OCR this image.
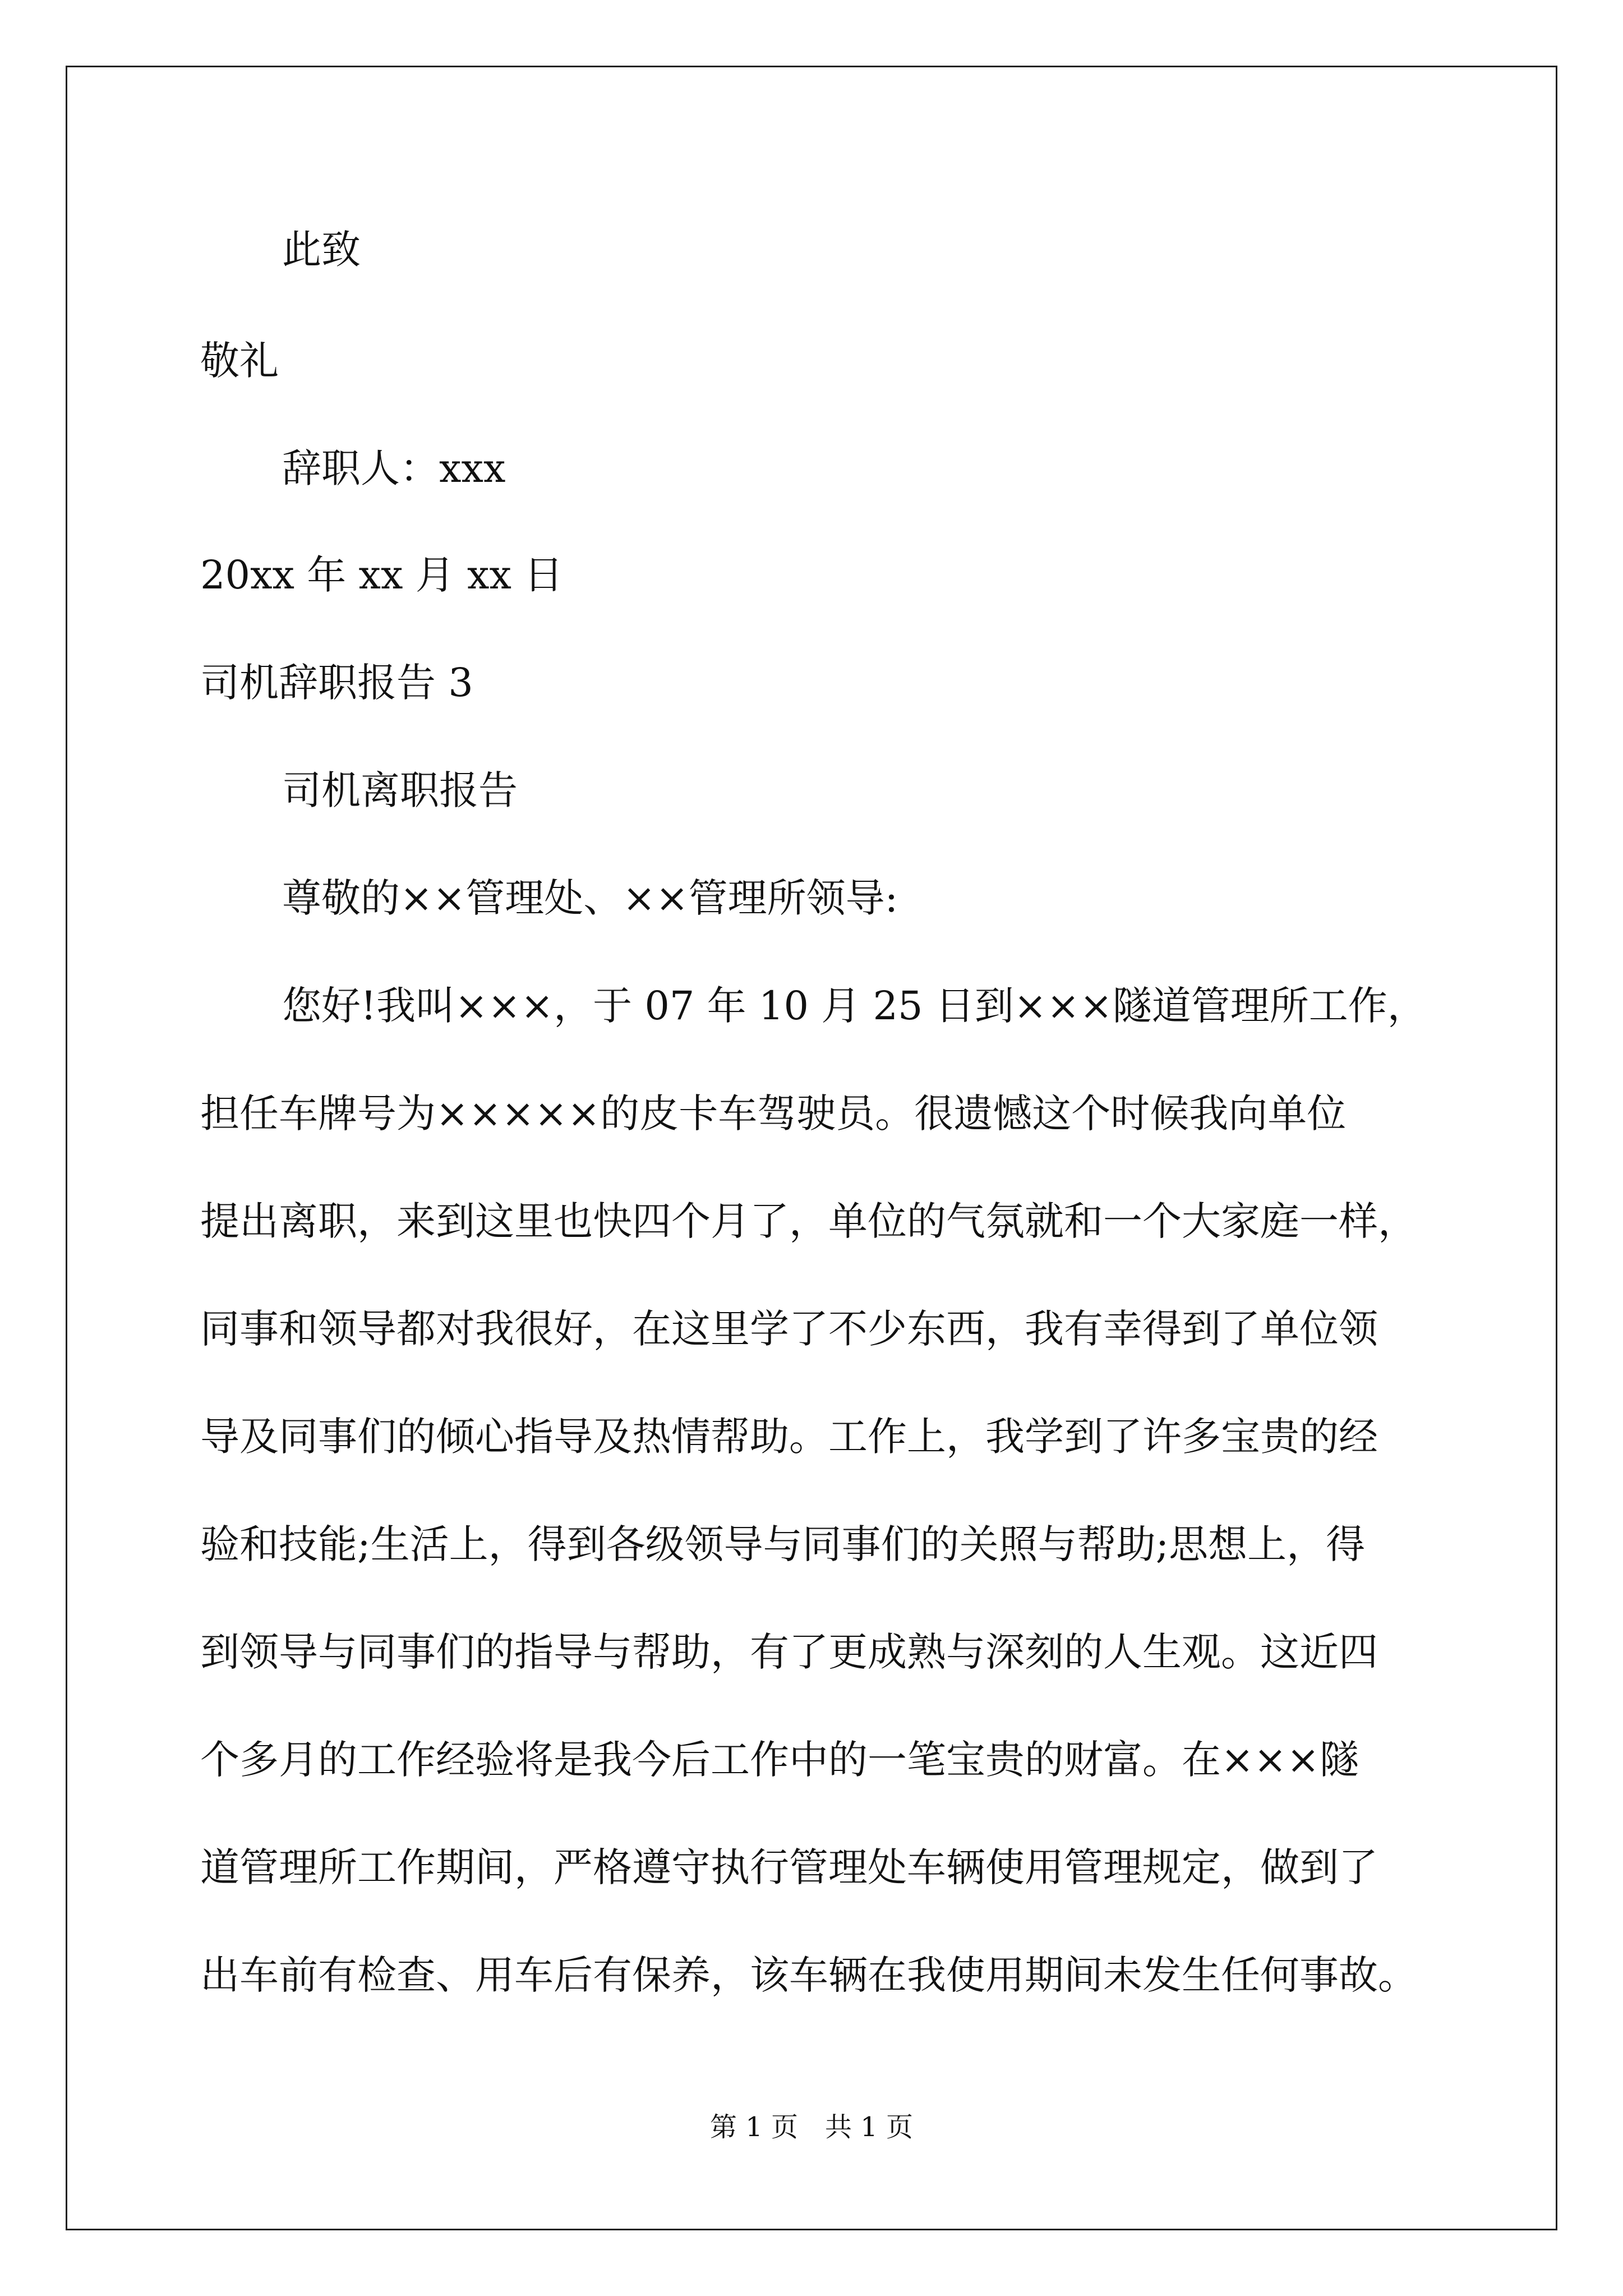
此致
敬礼
辞职人：xxx
20xx 年 xx 月 xx 日
司机辞职报告 3
司机离职报告
尊敬的××管理处、××管理所领导:
您好!我叫×××，于 07 年 10 月 25 日到×××隧道管理所工作，
担任车牌号为×××××的皮卡车驾驶员。很遗憾这个时候我向单位
提出离职，来到这里也快四个月了，单位的气氛就和一个大家庭一样，
同事和领导都对我很好，在这里学了不少东西，我有幸得到了单位领
导及同事们的倾心指导及热情帮助。工作上，我学到了许多宝贵的经
验和技能;生活上，得到各级领导与同事们的关照与帮助;思想上，得
到领导与同事们的指导与帮助，有了更成熟与深刻的人生观。这近四
个多月的工作经验将是我今后工作中的一笔宝贵的财富。在×××隧
道管理所工作期间，严格遵守执行管理处车辆使用管理规定，做到了
出车前有检查、用车后有保养，该车辆在我使用期间未发生任何事故。
第 1 页　共 1 页
